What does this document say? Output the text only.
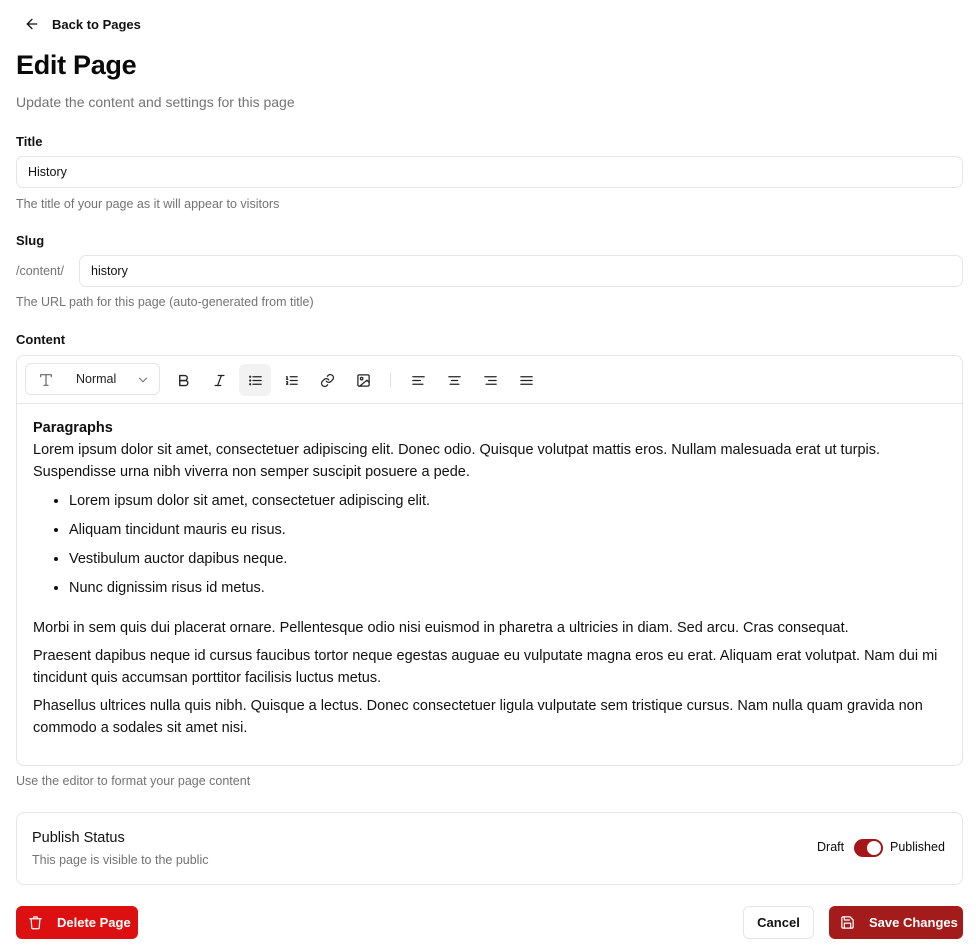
Back to Pages
Edit Page
Update the content and settings for this page
Title
History
The title of your page as it will appear to visitors
Slug
/content/
history
The URL path for this page (auto-generated from title)
Content
Normal
Paragraphs

Lorem ipsum dolor sit amet, consectetuer adipiscing elit. Donec odio. Quisque volutpat mattis eros. Nullam malesuada erat ut turpis. Suspendisse urna nibh viverra non semper suscipit posuere a pede.

• Lorem ipsum dolor sit amet, consectetuer adipiscing elit.
• Aliquam tincidunt mauris eu risus.
• Vestibulum auctor dapibus neque.
• Nunc dignissim risus id metus.

Morbi in sem quis dui placerat ornare. Pellentesque odio nisi euismod in pharetra a ultricies in diam. Sed arcu. Cras consequat.

Praesent dapibus neque id cursus faucibus tortor neque egestas auguae eu vulputate magna eros eu erat. Aliquam erat volutpat. Nam dui mi tincidunt quis accumsan porttitor facilisis luctus metus.

Phasellus ultrices nulla quis nibh. Quisque a lectus. Donec consectetuer ligula vulputate sem tristique cursus. Nam nulla quam gravida non commodo a sodales sit amet nisi.

Use the editor to format your page content
Publish Status
This page is visible to the public
Draft	Published
Delete Page	Cancel	Save Changes
